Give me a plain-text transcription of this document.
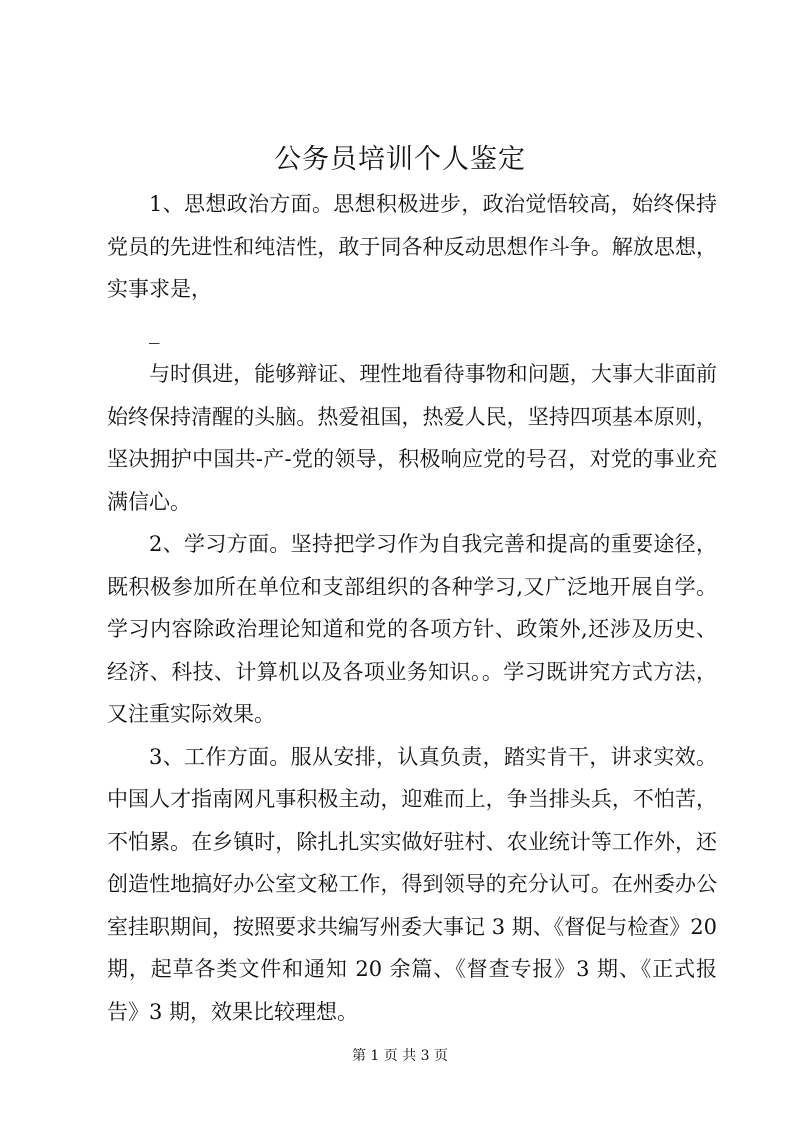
公务员培训个人鉴定

1、思想政治方面。思想积极进步，政治觉悟较高，始终保持党员的先进性和纯洁性，敢于同各种反动思想作斗争。解放思想，实事求是，

_

与时俱进，能够辩证、理性地看待事物和问题，大事大非面前始终保持清醒的头脑。热爱祖国，热爱人民，坚持四项基本原则，坚决拥护中国共-产-党的领导，积极响应党的号召，对党的事业充满信心。

2、学习方面。坚持把学习作为自我完善和提高的重要途径，既积极参加所在单位和支部组织的各种学习,又广泛地开展自学。学习内容除政治理论知道和党的各项方针、政策外,还涉及历史、经济、科技、计算机以及各项业务知识。。学习既讲究方式方法，又注重实际效果。

3、工作方面。服从安排，认真负责，踏实肯干，讲求实效。中国人才指南网凡事积极主动，迎难而上，争当排头兵，不怕苦，不怕累。在乡镇时，除扎扎实实做好驻村、农业统计等工作外，还创造性地搞好办公室文秘工作，得到领导的充分认可。在州委办公室挂职期间，按照要求共编写州委大事记 3 期、《督促与检查》20 期，起草各类文件和通知 20 余篇、《督查专报》3 期、《正式报告》3 期，效果比较理想。

第 1 页 共 3 页
